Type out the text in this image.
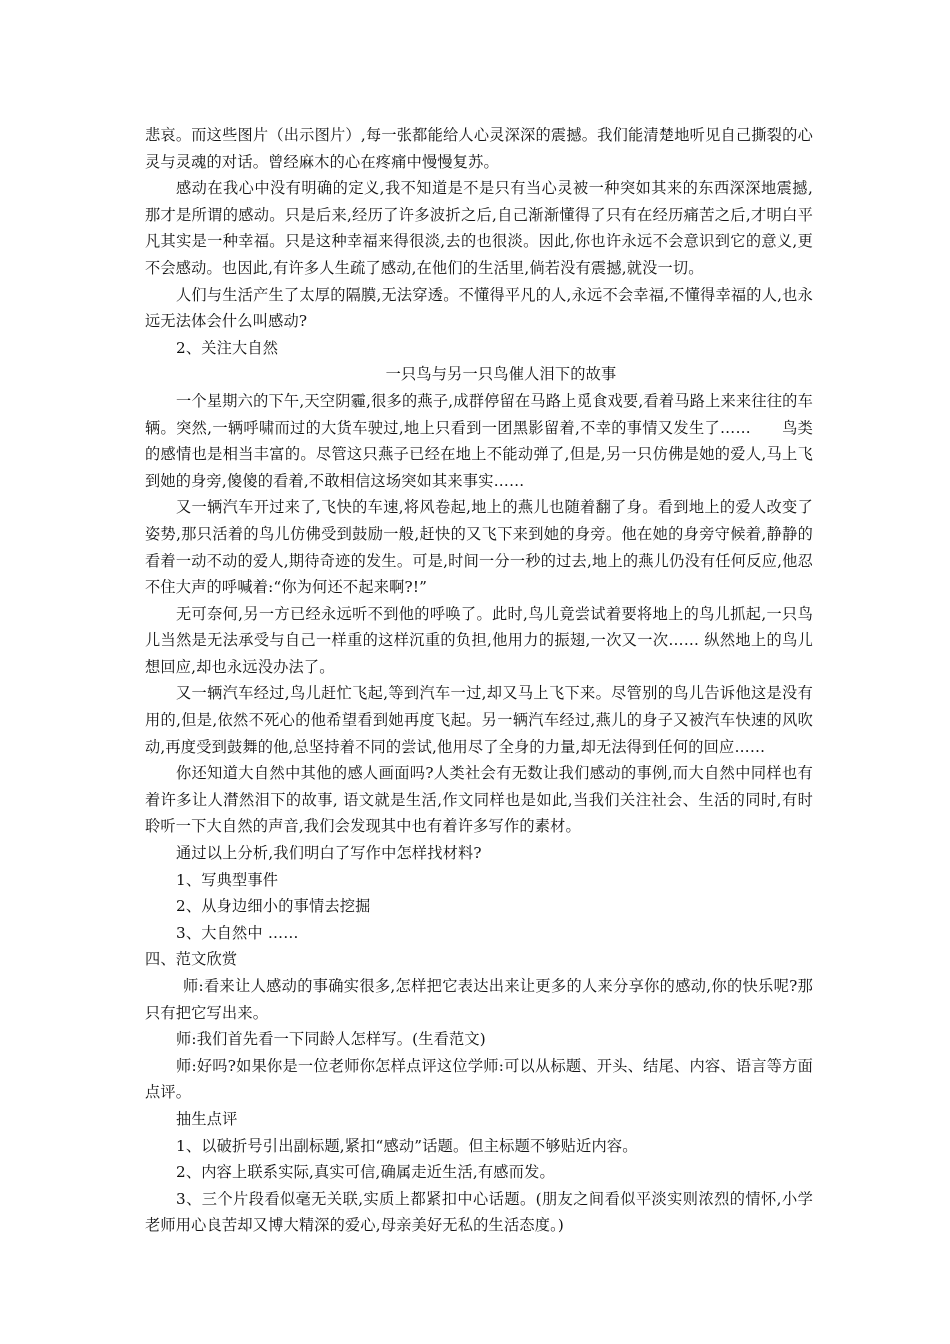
悲哀。而这些图片（出示图片）,每一张都能给人心灵深深的震撼。我们能清楚地听见自己撕裂的心灵与灵魂的对话。曾经麻木的心在疼痛中慢慢复苏。

感动在我心中没有明确的定义,我不知道是不是只有当心灵被一种突如其来的东西深深地震撼,那才是所谓的感动。只是后来,经历了许多波折之后,自己渐渐懂得了只有在经历痛苦之后,才明白平凡其实是一种幸福。只是这种幸福来得很淡,去的也很淡。因此,你也许永远不会意识到它的意义,更不会感动。也因此,有许多人生疏了感动,在他们的生活里,倘若没有震撼,就没一切。

人们与生活产生了太厚的隔膜,无法穿透。不懂得平凡的人,永远不会幸福,不懂得幸福的人,也永远无法体会什么叫感动?

2、关注大自然

一只鸟与另一只鸟催人泪下的故事

一个星期六的下午,天空阴霾,很多的燕子,成群停留在马路上觅食戏要,看着马路上来来往往的车辆。突然,一辆呼啸而过的大货车驶过,地上只看到一团黑影留着,不幸的事情又发生了……　　鸟类的感情也是相当丰富的。尽管这只燕子已经在地上不能动弹了,但是,另一只仿佛是她的爱人,马上飞到她的身旁,傻傻的看着,不敢相信这场突如其来事实……

又一辆汽车开过来了,飞快的车速,将风卷起,地上的燕儿也随着翻了身。看到地上的爱人改变了姿势,那只活着的鸟儿仿佛受到鼓励一般,赶快的又飞下来到她的身旁。他在她的身旁守候着,静静的看着一动不动的爱人,期待奇迹的发生。可是,时间一分一秒的过去,地上的燕儿仍没有任何反应,他忍不住大声的呼喊着:“你为何还不起来啊?!”

无可奈何,另一方已经永远听不到他的呼唤了。此时,鸟儿竟尝试着要将地上的鸟儿抓起,一只鸟儿当然是无法承受与自己一样重的这样沉重的负担,他用力的振翅,一次又一次…… 纵然地上的鸟儿想回应,却也永远没办法了。

又一辆汽车经过,鸟儿赶忙飞起,等到汽车一过,却又马上飞下来。尽管别的鸟儿告诉他这是没有用的,但是,依然不死心的他希望看到她再度飞起。另一辆汽车经过,燕儿的身子又被汽车快速的风吹动,再度受到鼓舞的他,总坚持着不同的尝试,他用尽了全身的力量,却无法得到任何的回应……

你还知道大自然中其他的感人画面吗?人类社会有无数让我们感动的事例,而大自然中同样也有着许多让人潸然泪下的故事, 语文就是生活,作文同样也是如此,当我们关注社会、生活的同时,有时聆听一下大自然的声音,我们会发现其中也有着许多写作的素材。

通过以上分析,我们明白了写作中怎样找材料?

1、写典型事件

2、从身边细小的事情去挖掘

3、大自然中 ……

四、范文欣赏

师:看来让人感动的事确实很多,怎样把它表达出来让更多的人来分享你的感动,你的快乐呢?那只有把它写出来。

师:我们首先看一下同龄人怎样写。(生看范文)

师:好吗?如果你是一位老师你怎样点评这位学师:可以从标题、开头、结尾、内容、语言等方面点评。

抽生点评

1、以破折号引出副标题,紧扣“感动”话题。但主标题不够贴近内容。

2、内容上联系实际,真实可信,确属走近生活,有感而发。

3、三个片段看似毫无关联,实质上都紧扣中心话题。(朋友之间看似平淡实则浓烈的情怀,小学老师用心良苦却又博大精深的爱心,母亲美好无私的生活态度。)
